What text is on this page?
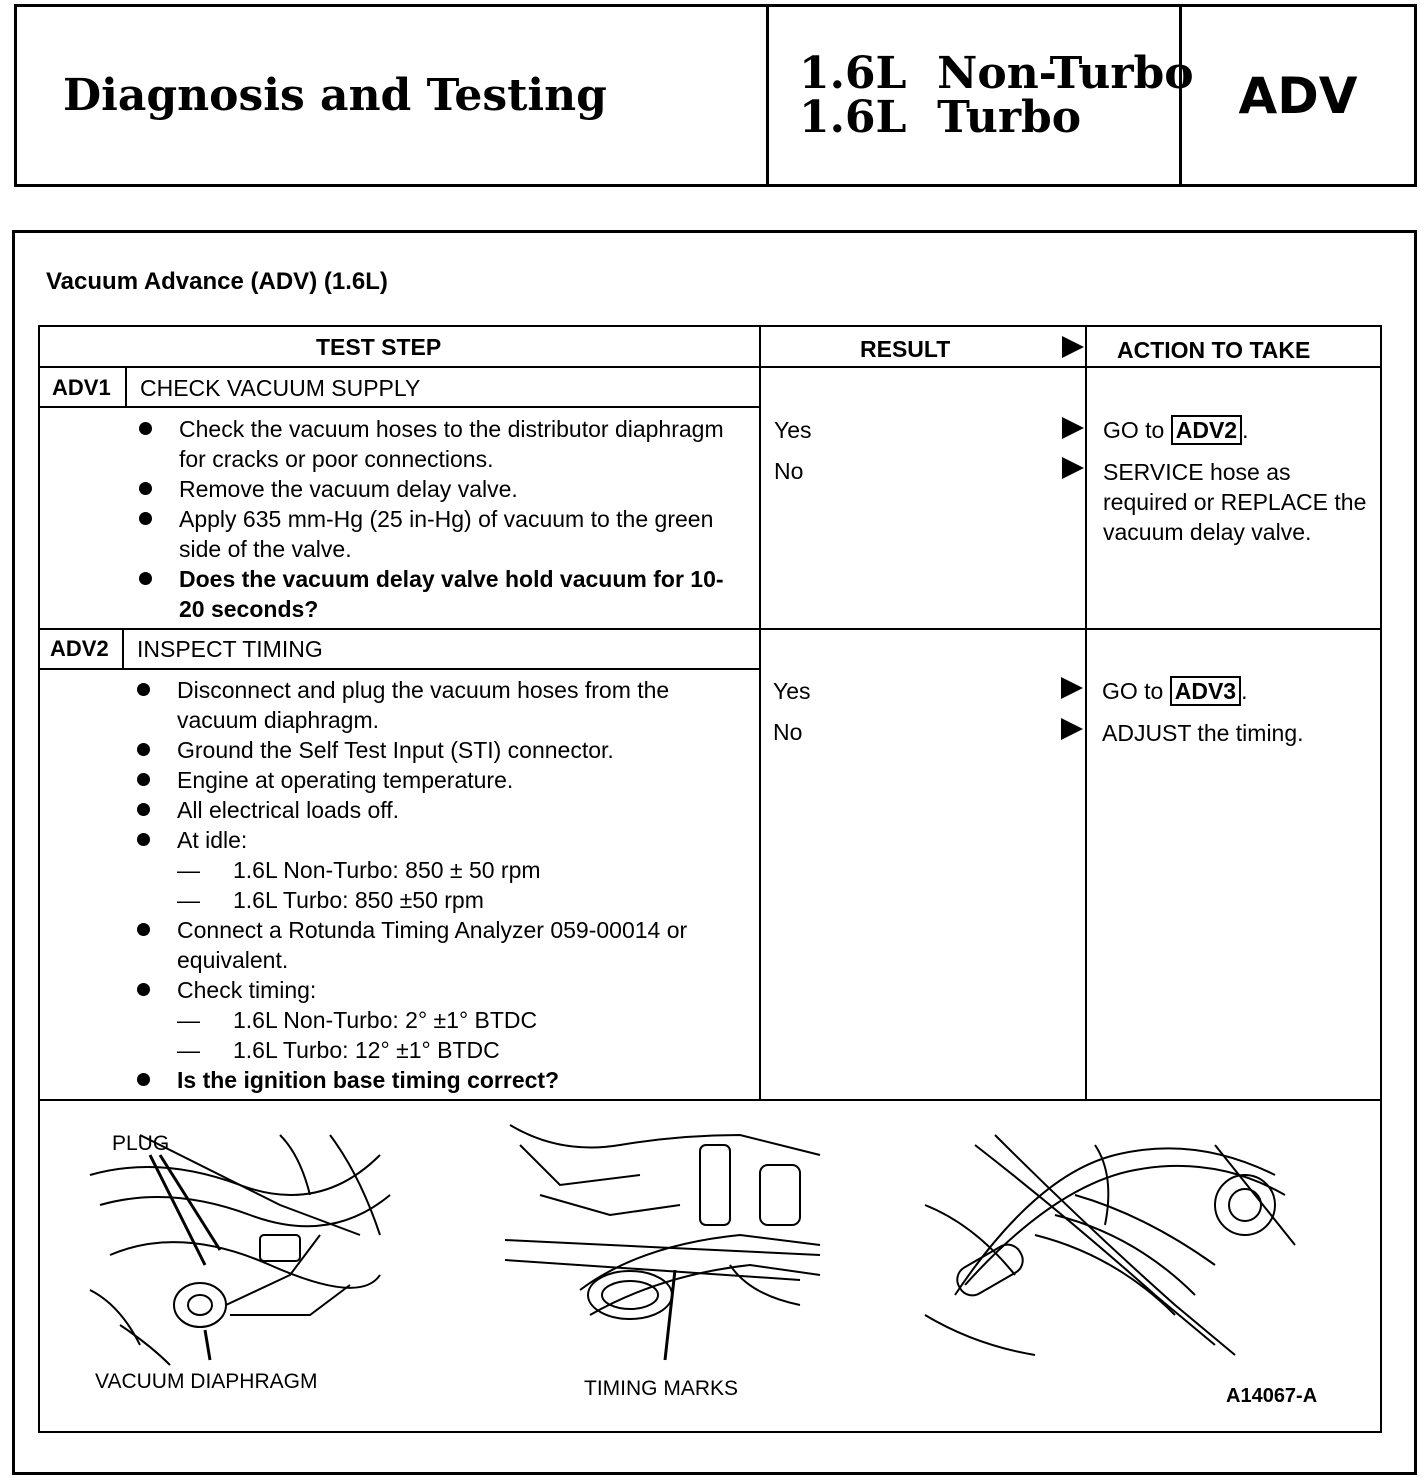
Diagnosis and Testing	1.6L  Non-Turbo
1.6L  Turbo	ADV
Vacuum Advance (ADV) (1.6L)
TEST STEP	RESULT	ACTION TO TAKE
ADV1 CHECK VACUUM SUPPLY
Check the vacuum hoses to the distributor diaphragm for cracks or poor connections.
Remove the vacuum delay valve.
Apply 635 mm-Hg (25 in-Hg) of vacuum to the green side of the valve.
Does the vacuum delay valve hold vacuum for 10-20 seconds?
Yes	GO to ADV2 .
No	SERVICE hose as required or REPLACE the vacuum delay valve.
ADV2 INSPECT TIMING
Disconnect and plug the vacuum hoses from the vacuum diaphragm.
Ground the Self Test Input (STI) connector.
Engine at operating temperature.
All electrical loads off.
At idle:
— 1.6L Non-Turbo: 850 ± 50 rpm
— 1.6L Turbo: 850 ±50 rpm
Connect a Rotunda Timing Analyzer 059-00014 or equivalent.
Check timing:
— 1.6L Non-Turbo: 2° ±1° BTDC
— 1.6L Turbo: 12° ±1° BTDC
Is the ignition base timing correct?
Yes	GO to ADV3 .
No	ADJUST the timing.
PLUG
VACUUM DIAPHRAGM	TIMING MARKS	A14067-A
